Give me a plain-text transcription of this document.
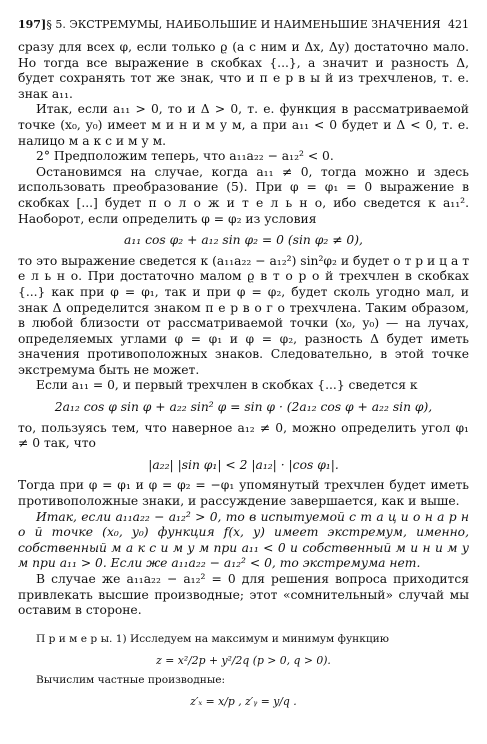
197] § 5. ЭКСТРЕМУМЫ, НАИБОЛЬШИЕ И НАИМЕНЬШИЕ ЗНАЧЕНИЯ 421

сразу для всех φ, если только ϱ (а с ним и Δx, Δy) достаточно мало. Но тогда все выражение в скобках {...}, а значит и разность Δ, будет сохранять тот же знак, что и п е р в ы й из трехчленов, т. е. знак a₁₁.

Итак, если a₁₁ > 0, то и Δ > 0, т. е. функция в рассматриваемой точке (x₀, y₀) имеет м и н и м у м, а при a₁₁ < 0 будет и Δ < 0, т. е. налицо м а к с и м у м.

2° Предположим теперь, что a₁₁a₂₂ − a₁₂² < 0.

Остановимся на случае, когда a₁₁ ≠ 0, тогда можно и здесь использовать преобразование (5). При φ = φ₁ = 0 выражение в скобках [...] будет п о л о ж и т е л ь н о, ибо сведется к a₁₁². Наоборот, если определить φ = φ₂ из условия

a₁₁ cos φ₂ + a₁₂ sin φ₂ = 0 (sin φ₂ ≠ 0),

то это выражение сведется к (a₁₁a₂₂ − a₁₂²) sin²φ₂ и будет о т р и ц а т е л ь н о. При достаточно малом ϱ в т о р о й трехчлен в скобках {...} как при φ = φ₁, так и при φ = φ₂, будет сколь угодно мал, и знак Δ определится знаком п е р в о г о трехчлена. Таким образом, в любой близости от рассматриваемой точки (x₀, y₀) — на лучах, определяемых углами φ = φ₁ и φ = φ₂, разность Δ будет иметь значения противоположных знаков. Следовательно, в этой точке экстремума быть не может.

Если a₁₁ = 0, и первый трехчлен в скобках {...} сведется к

2a₁₂ cos φ sin φ + a₂₂ sin² φ = sin φ · (2a₁₂ cos φ + a₂₂ sin φ),

то, пользуясь тем, что наверное a₁₂ ≠ 0, можно определить угол φ₁ ≠ 0 так, что

|a₂₂| |sin φ₁| < 2 |a₁₂| · |cos φ₁|.

Тогда при φ = φ₁ и φ = φ₂ = −φ₁ упомянутый трехчлен будет иметь противоположные знаки, и рассуждение завершается, как и выше.

Итак, если a₁₁a₂₂ − a₁₂² > 0, то в испытуемой с т а ц и о н а р н о й точке (x₀, y₀) функция f(x, y) имеет экстремум, именно, собственный м а к с и м у м при a₁₁ < 0 и собственный м и н и м у м при a₁₁ > 0. Если же a₁₁a₂₂ − a₁₂² < 0, то экстремума нет.

В случае же a₁₁a₂₂ − a₁₂² = 0 для решения вопроса приходится привлекать высшие производные; этот «сомнительный» случай мы оставим в стороне.

П р и м е р ы. 1) Исследуем на максимум и минимум функцию

z = x²/2p + y²/2q (p > 0, q > 0).

Вычислим частные производные:

z′ₓ = x/p , z′ᵧ = y/q .
